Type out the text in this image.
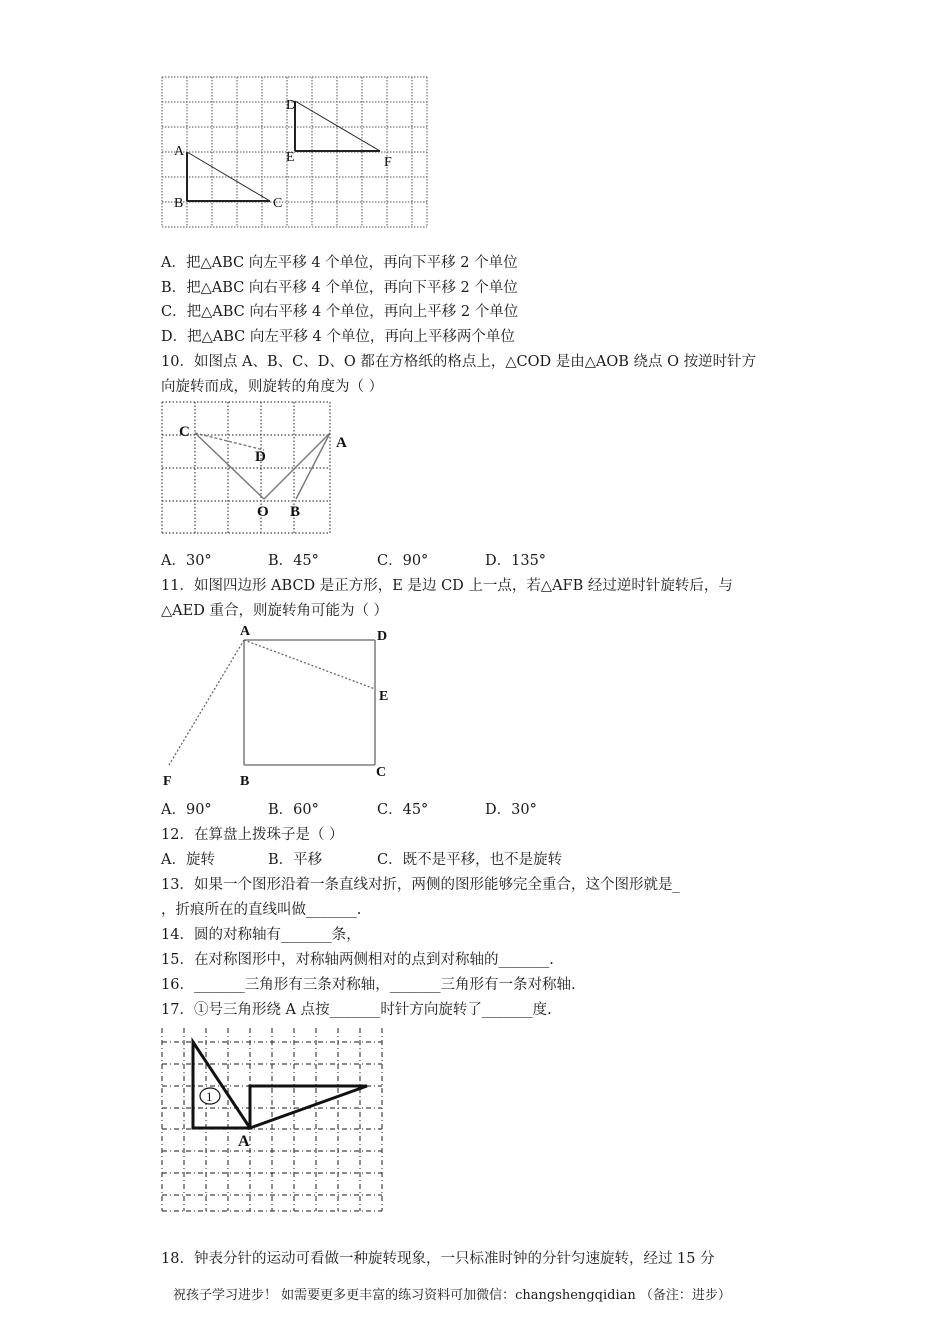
A
B	C
D
E	F
A．把△ABC 向左平移 4 个单位，再向下平移 2 个单位
B．把△ABC 向右平移 4 个单位，再向下平移 2 个单位
C．把△ABC 向右平移 4 个单位，再向上平移 2 个单位
D．把△ABC 向左平移 4 个单位，再向上平移两个单位
10．如图点 A、B、C、D、O 都在方格纸的格点上，△COD 是由△AOB 绕点 O 按逆时针方
向旋转而成，则旋转的角度为（ ）
C
D
A
O B
A．30°	B．45°	C．90°	D．135°
11．如图四边形 ABCD 是正方形，E 是边 CD 上一点，若△AFB 经过逆时针旋转后，与
△AED 重合，则旋转角可能为（ ）
A	D
E
F	B
C
A．90°	B．60°	C．45°	D．30°
12．在算盘上拨珠子是（ ）
A．旋转	B．平移	C．既不是平移，也不是旋转
13．如果一个图形沿着一条直线对折，两侧的图形能够完全重合，这个图形就是_
，折痕所在的直线叫做_______.
14．圆的对称轴有_______条，
15．在对称图形中，对称轴两侧相对的点到对称轴的_______.
16．_______三角形有三条对称轴，_______三角形有一条对称轴.
17．①号三角形绕 A 点按_______时针方向旋转了_______度.
1
A
18．钟表分针的运动可看做一种旋转现象，一只标准时钟的分针匀速旋转，经过 15 分
祝孩子学习进步！ 如需要更多更丰富的练习资料可加微信：changshengqidian （备注：进步）
